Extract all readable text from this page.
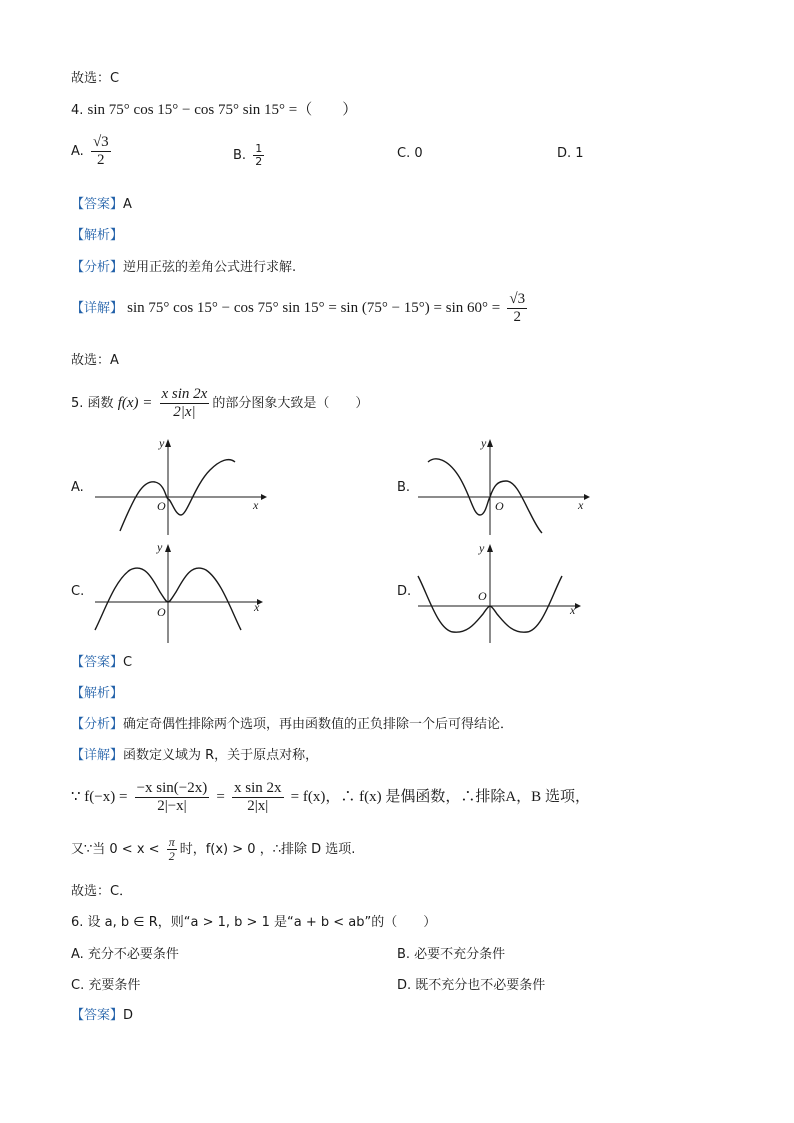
故选：C
4. sin 75° cos 15° − cos 75° sin 15° =（　　）
A. $\frac{√3}{2}$	B. $\frac{1}{2}$	C. 0	D. 1
【答案】A
【解析】
【分析】逆用正弦的差角公式进行求解.
【详解】 sin 75° cos 15° − cos 75° $\sin 15^\circ = \sin (75^\circ - 15^\circ) = \sin 60^\circ = \frac{√3}{2}$
故选：A
5. 函数 $f(x) = \frac{\text{x sin 2x}}{2|x|}$ 的部分图象大致是（　　）
A.	B.
C.	D.
O
y
x	O
y
x
O
y
x
O
y
x
【答案】C
【解析】
【分析】确定奇偶性排除两个选项，再由函数值的正负排除一个后可得结论．
【详解】函数定义域为 R，关于原点对称，
∵ $f(-x) = \frac{\text{−x sin(−2x)}}{2|-x|} = \frac{\text{x sin 2x}}{2|x|} = f(x)$，∴ f(x) 是偶函数，∴排除A，B 选项，
又∵当 $0 < x < \frac{\pi}{2}$ 时，f(x) > 0 ，∴排除 D 选项.
故选：C．
6. 设 a, b ∈ R，则“a > 1, b > 1 是“a + b < ab”的（　　）
A. 充分不必要条件	B. 必要不充分条件
C. 充要条件	D. 既不充分也不必要条件
【答案】D
